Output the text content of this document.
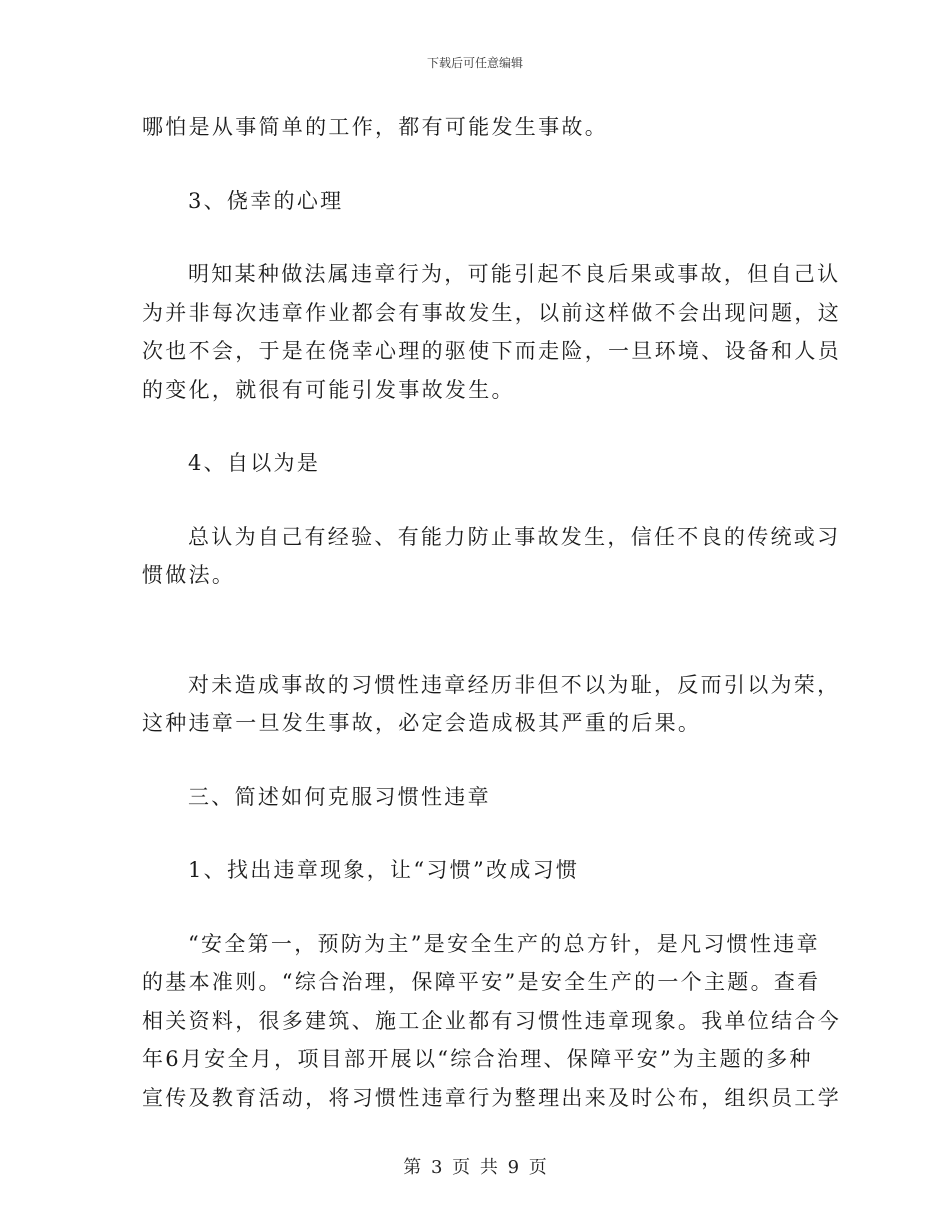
下载后可任意编辑
哪怕是从事简单的工作，都有可能发生事故。
3、侥幸的心理
明知某种做法属违章行为，可能引起不良后果或事故，但自己认
为并非每次违章作业都会有事故发生，以前这样做不会出现问题，这
次也不会，于是在侥幸心理的驱使下而走险，一旦环境、设备和人员
的变化，就很有可能引发事故发生。
4、自以为是
总认为自己有经验、有能力防止事故发生，信任不良的传统或习
惯做法。
对未造成事故的习惯性违章经历非但不以为耻，反而引以为荣，
这种违章一旦发生事故，必定会造成极其严重的后果。
三、简述如何克服习惯性违章
1、找出违章现象，让“习惯”改成习惯
“安全第一，预防为主”是安全生产的总方针，是凡习惯性违章
的基本准则。“综合治理，保障平安”是安全生产的一个主题。查看
相关资料，很多建筑、施工企业都有习惯性违章现象。我单位结合今
年6月安全月，项目部开展以“综合治理、保障平安”为主题的多种
宣传及教育活动，将习惯性违章行为整理出来及时公布，组织员工学
第 3 页 共 9 页
